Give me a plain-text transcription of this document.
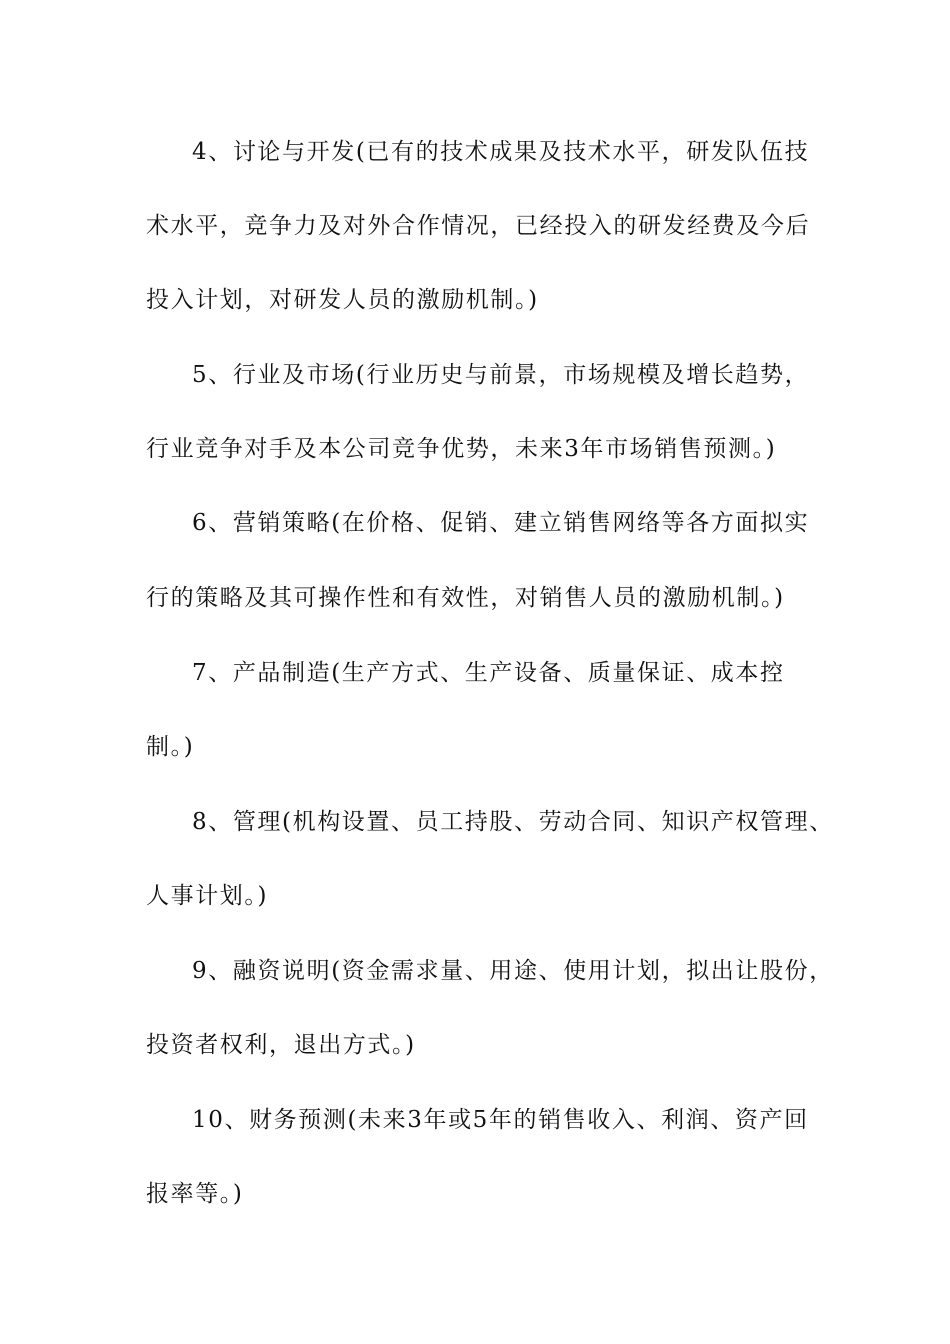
4、讨论与开发(已有的技术成果及技术水平，研发队伍技
术水平，竞争力及对外合作情况，已经投入的研发经费及今后
投入计划，对研发人员的激励机制。)
5、行业及市场(行业历史与前景，市场规模及增长趋势，
行业竞争对手及本公司竞争优势，未来3年市场销售预测。)
6、营销策略(在价格、促销、建立销售网络等各方面拟实
行的策略及其可操作性和有效性，对销售人员的激励机制。)
7、产品制造(生产方式、生产设备、质量保证、成本控
制。)
8、管理(机构设置、员工持股、劳动合同、知识产权管理、
人事计划。)
9、融资说明(资金需求量、用途、使用计划，拟出让股份，
投资者权利，退出方式。)
10、财务预测(未来3年或5年的销售收入、利润、资产回
报率等。)
